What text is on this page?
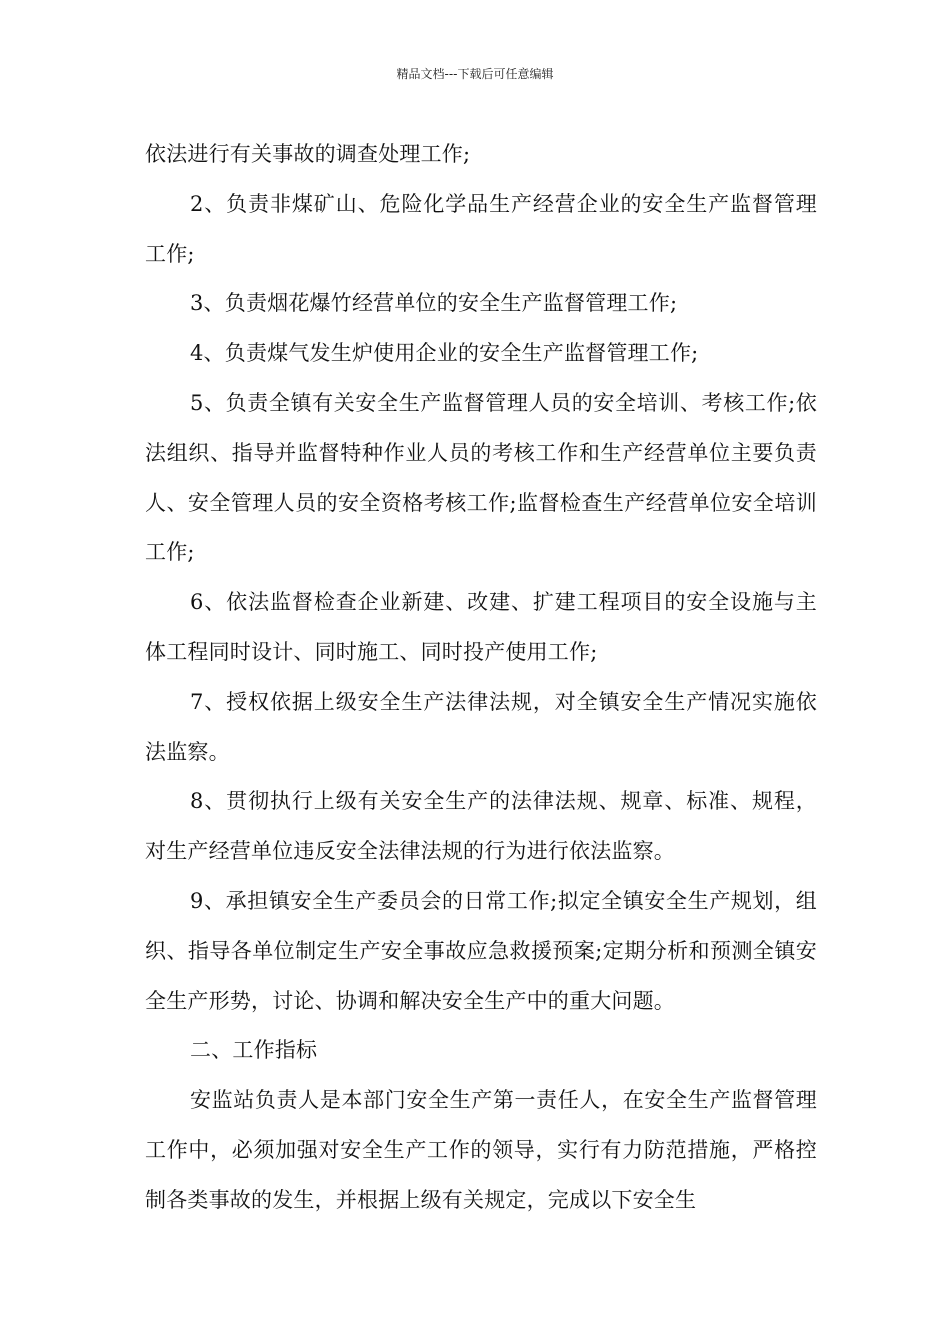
精品文档---下载后可任意编辑

依法进行有关事故的调查处理工作;

2、负责非煤矿山、危险化学品生产经营企业的安全生产监督管理工作;

3、负责烟花爆竹经营单位的安全生产监督管理工作;

4、负责煤气发生炉使用企业的安全生产监督管理工作;

5、负责全镇有关安全生产监督管理人员的安全培训、考核工作;依法组织、指导并监督特种作业人员的考核工作和生产经营单位主要负责人、安全管理人员的安全资格考核工作;监督检查生产经营单位安全培训工作;

6、依法监督检查企业新建、改建、扩建工程项目的安全设施与主体工程同时设计、同时施工、同时投产使用工作;

7、授权依据上级安全生产法律法规，对全镇安全生产情况实施依法监察。

8、贯彻执行上级有关安全生产的法律法规、规章、标准、规程，对生产经营单位违反安全法律法规的行为进行依法监察。

9、承担镇安全生产委员会的日常工作;拟定全镇安全生产规划，组织、指导各单位制定生产安全事故应急救援预案;定期分析和预测全镇安全生产形势，讨论、协调和解决安全生产中的重大问题。

二、工作指标

安监站负责人是本部门安全生产第一责任人，在安全生产监督管理工作中，必须加强对安全生产工作的领导，实行有力防范措施，严格控制各类事故的发生，并根据上级有关规定，完成以下安全生
